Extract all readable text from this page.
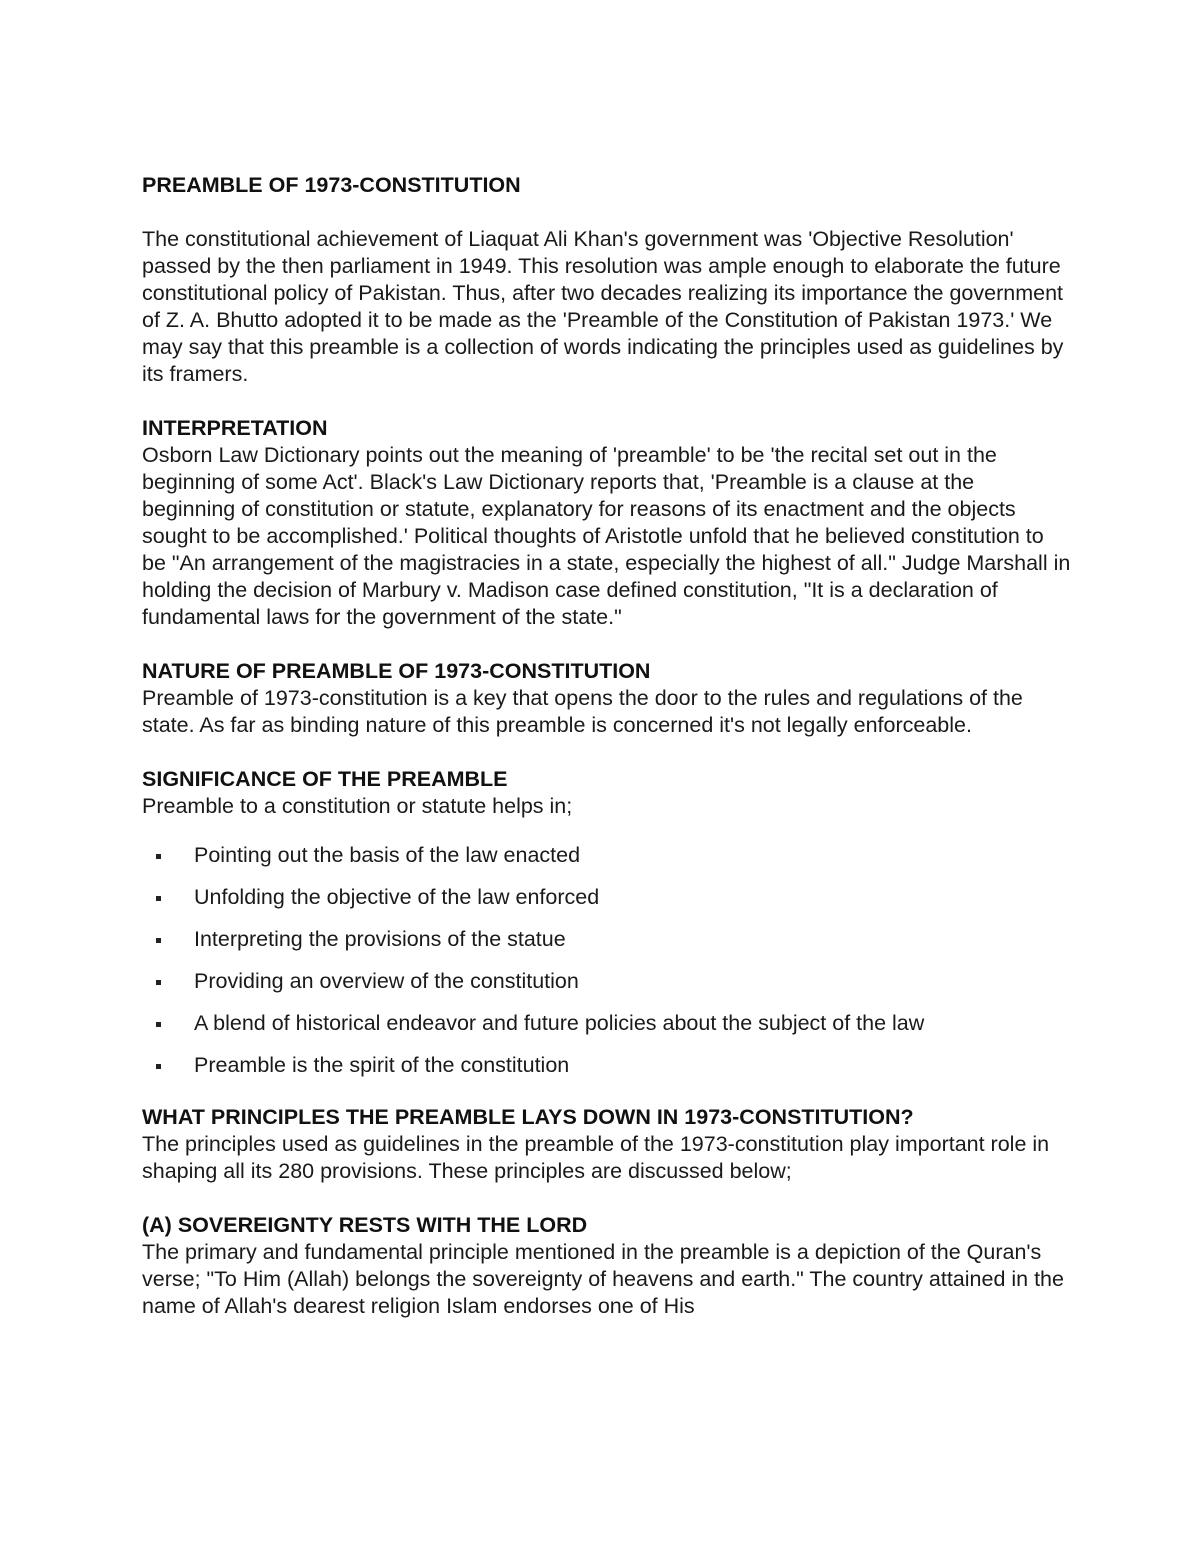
PREAMBLE OF 1973-CONSTITUTION

The constitutional achievement of Liaquat Ali Khan's government was 'Objective Resolution' passed by the then parliament in 1949. This resolution was ample enough to elaborate the future constitutional policy of Pakistan. Thus, after two decades realizing its importance the government of Z. A. Bhutto adopted it to be made as the 'Preamble of the Constitution of Pakistan 1973.' We may say that this preamble is a collection of words indicating the principles used as guidelines by its framers.

INTERPRETATION

Osborn Law Dictionary points out the meaning of 'preamble' to be 'the recital set out in the beginning of some Act'. Black's Law Dictionary reports that, 'Preamble is a clause at the beginning of constitution or statute, explanatory for reasons of its enactment and the objects sought to be accomplished.' Political thoughts of Aristotle unfold that he believed constitution to be "An arrangement of the magistracies in a state, especially the highest of all." Judge Marshall in holding the decision of Marbury v. Madison case defined constitution, "It is a declaration of fundamental laws for the government of the state."

NATURE OF PREAMBLE OF 1973-CONSTITUTION

Preamble of 1973-constitution is a key that opens the door to the rules and regulations of the state. As far as binding nature of this preamble is concerned it's not legally enforceable.

SIGNIFICANCE OF THE PREAMBLE

Preamble to a constitution or statute helps in;

Pointing out the basis of the law enacted
Unfolding the objective of the law enforced
Interpreting the provisions of the statue
Providing an overview of the constitution
A blend of historical endeavor and future policies about the subject of the law
Preamble is the spirit of the constitution

WHAT PRINCIPLES THE PREAMBLE LAYS DOWN IN 1973-CONSTITUTION?

The principles used as guidelines in the preamble of the 1973-constitution play important role in shaping all its 280 provisions. These principles are discussed below;

(A) SOVEREIGNTY RESTS WITH THE LORD

The primary and fundamental principle mentioned in the preamble is a depiction of the Quran's verse; "To Him (Allah) belongs the sovereignty of heavens and earth." The country attained in the name of Allah's dearest religion Islam endorses one of His
